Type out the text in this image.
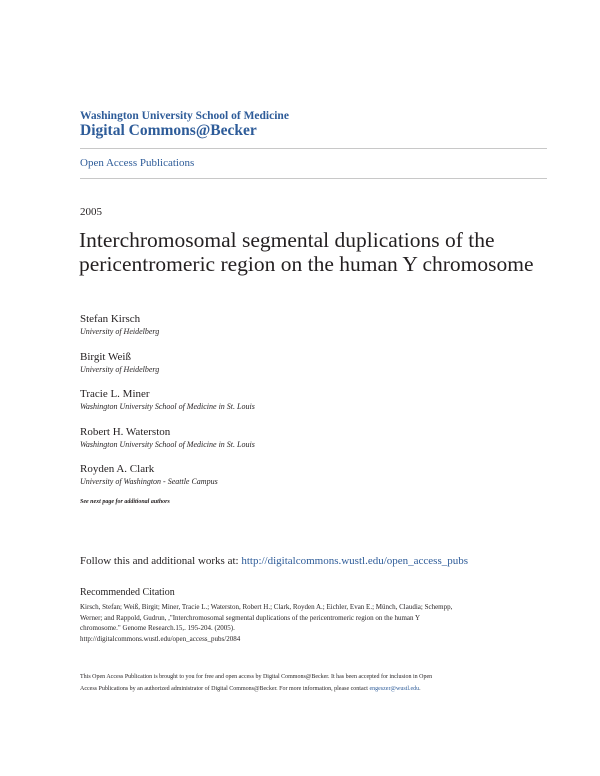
Washington University School of Medicine
Digital Commons@Becker
Open Access Publications
2005
Interchromosomal segmental duplications of the pericentromeric region on the human Y chromosome
Stefan Kirsch
University of Heidelberg
Birgit Weiß
University of Heidelberg
Tracie L. Miner
Washington University School of Medicine in St. Louis
Robert H. Waterston
Washington University School of Medicine in St. Louis
Royden A. Clark
University of Washington - Seattle Campus
See next page for additional authors
Follow this and additional works at: http://digitalcommons.wustl.edu/open_access_pubs
Recommended Citation
Kirsch, Stefan; Weiß, Birgit; Miner, Tracie L.; Waterston, Robert H.; Clark, Royden A.; Eichler, Evan E.; Münch, Claudia; Schempp,
Werner; and Rappold, Gudrun, ,"Interchromosomal segmental duplications of the pericentromeric region on the human Y
chromosome." Genome Research.15,. 195-204. (2005).
http://digitalcommons.wustl.edu/open_access_pubs/2084
This Open Access Publication is brought to you for free and open access by Digital Commons@Becker. It has been accepted for inclusion in Open
Access Publications by an authorized administrator of Digital Commons@Becker. For more information, please contact engeszer@wustl.edu.
